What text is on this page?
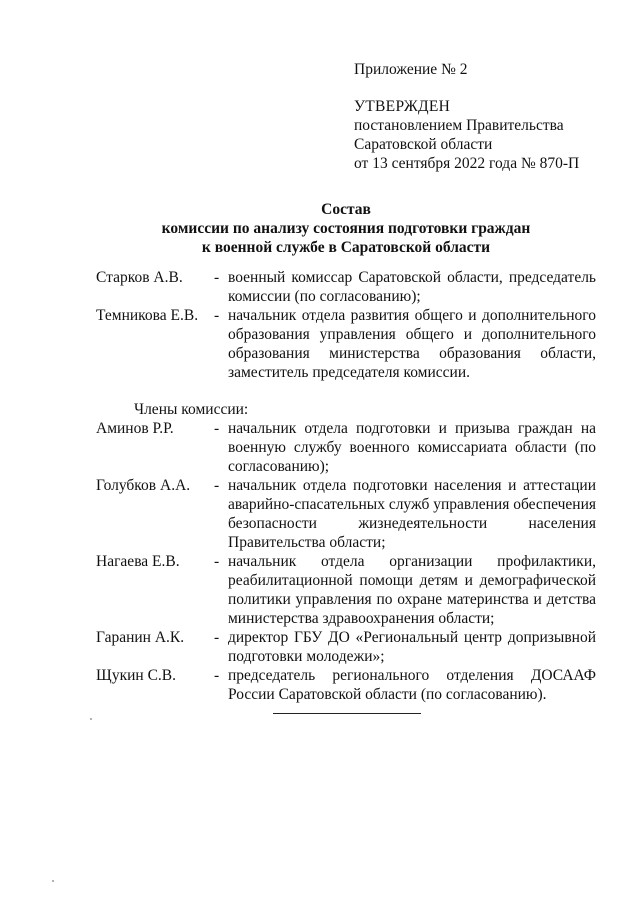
Приложение № 2
УТВЕРЖДЕН
постановлением Правительства
Саратовской области
от 13 сентября 2022 года № 870-П
Состав
комиссии по анализу состояния подготовки граждан
к военной службе в Саратовской области
Старков А.В.	- военный комиссар Саратовской области, председатель комиссии (по согласованию);
Темникова Е.В.	- начальник отдела развития общего и дополнительного образования управления общего и дополнительного образования министерства образования области, заместитель председателя комиссии.
Члены комиссии:
Аминов Р.Р.	- начальник отдела подготовки и призыва граждан на военную службу военного комиссариата области (по согласованию);
Голубков А.А.	- начальник отдела подготовки населения и аттестации аварийно-спасательных служб управления обеспечения безопасности жизнедеятельности населения Правительства области;
Нагаева Е.В.	- начальник отдела организации профилактики, реабилитационной помощи детям и демографической политики управления по охране материнства и детства министерства здравоохранения области;
Гаранин А.К.	- директор ГБУ ДО «Региональный центр допризывной подготовки молодежи»;
Щукин С.В.	- председатель регионального отделения ДОСААФ России Саратовской области (по согласованию).
